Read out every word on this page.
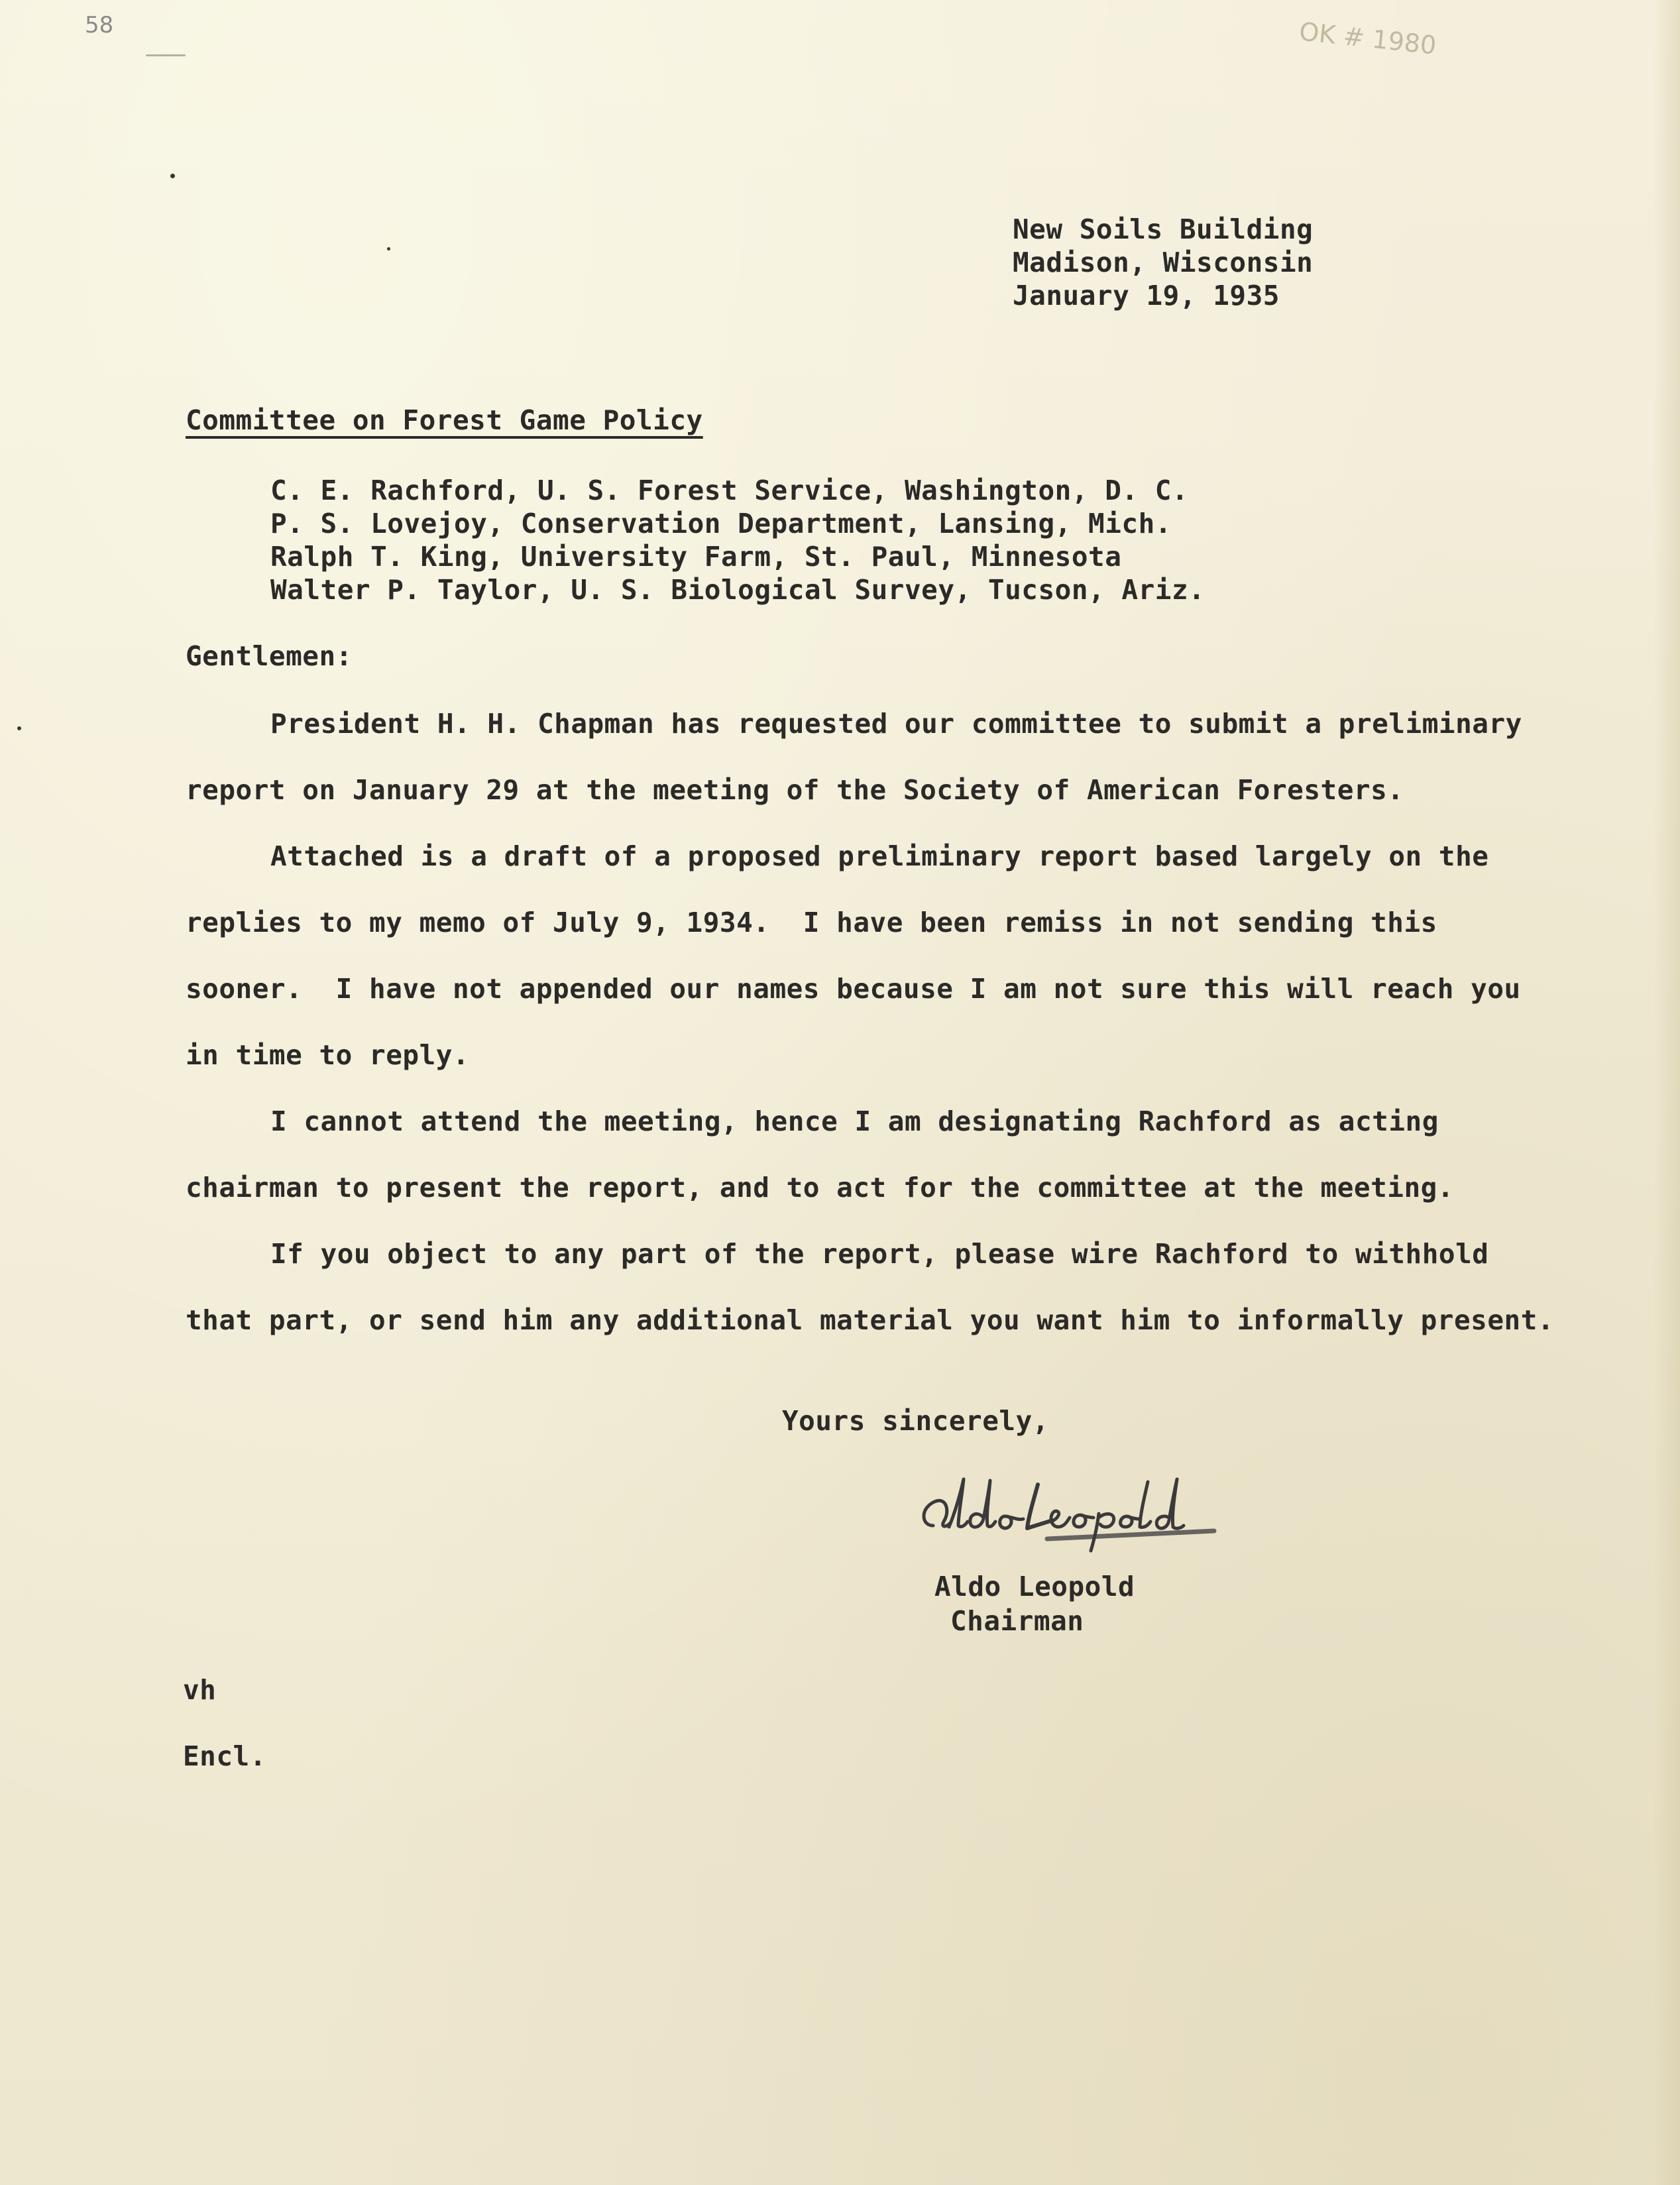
58	OK # 1980
New Soils Building
Madison, Wisconsin
January 19, 1935
Committee on Forest Game Policy
C. E. Rachford, U. S. Forest Service, Washington, D. C.
P. S. Lovejoy, Conservation Department, Lansing, Mich.
Ralph T. King, University Farm, St. Paul, Minnesota
Walter P. Taylor, U. S. Biological Survey, Tucson, Ariz.
Gentlemen:
President H. H. Chapman has requested our committee to submit a preliminary
report on January 29 at the meeting of the Society of American Foresters.
Attached is a draft of a proposed preliminary report based largely on the
replies to my memo of July 9, 1934.  I have been remiss in not sending this
sooner.  I have not appended our names because I am not sure this will reach you
in time to reply.
I cannot attend the meeting, hence I am designating Rachford as acting
chairman to present the report, and to act for the committee at the meeting.
If you object to any part of the report, please wire Rachford to withhold
that part, or send him any additional material you want him to informally present.
Yours sincerely,
Aldo Leopold
Aldo Leopold
Chairman
vh
Encl.
